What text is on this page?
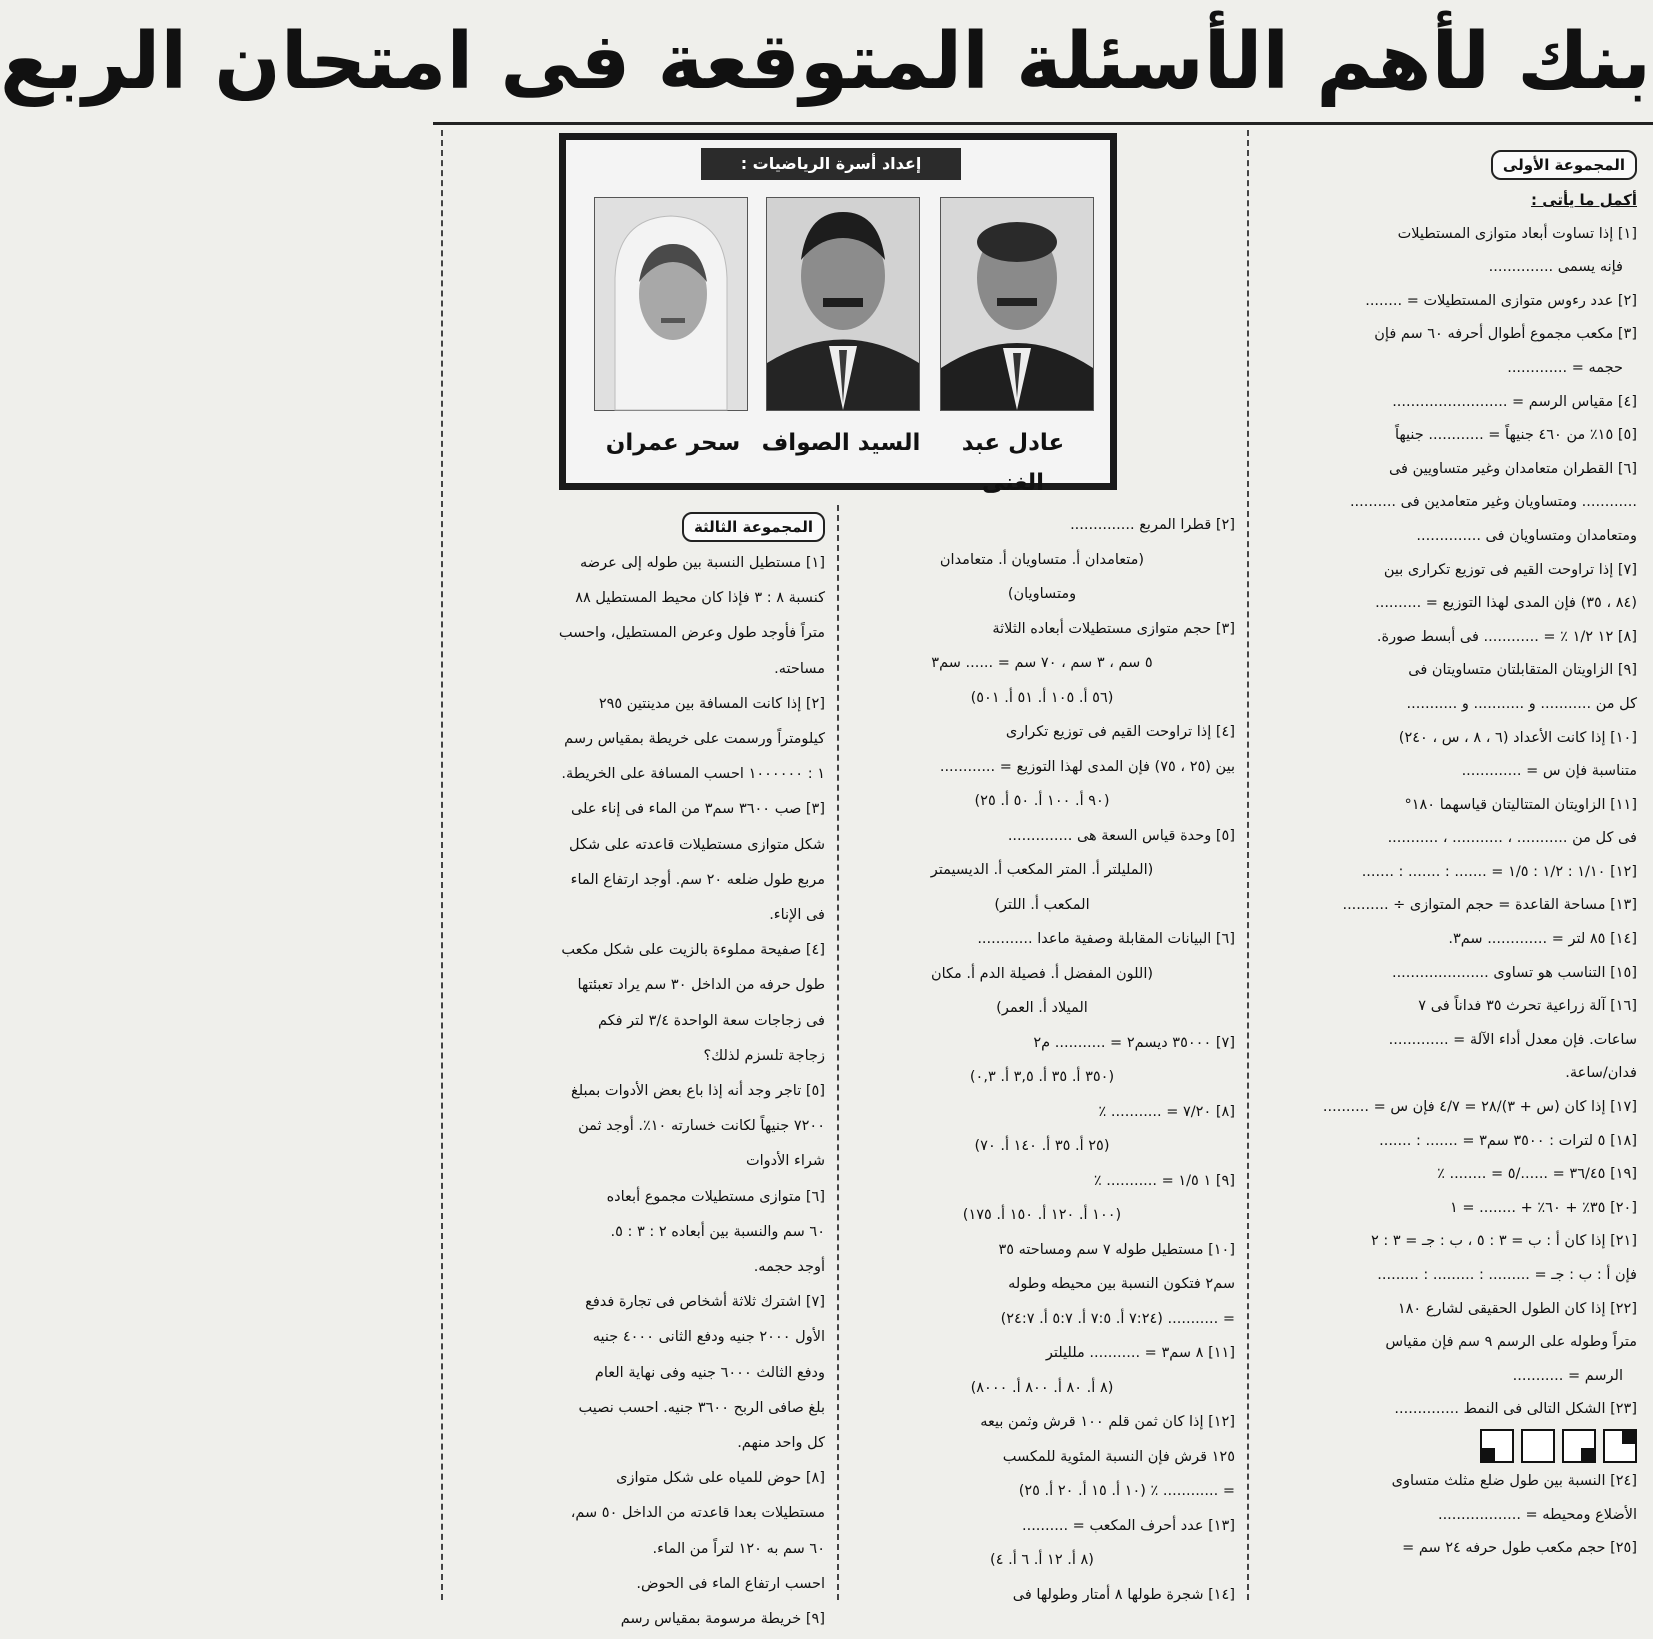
بنك لأهم الأسئلة المتوقعة فى امتحان الربع
إعداد أسرة الرياضيات :
عادل عبد الغنى
السيد الصواف
سحر عمران
المجموعة الأولى

أكمل ما يأتى :

[١] إذا تساوت أبعاد متوازى المستطيلات

فإنه يسمى ..............

[٢] عدد رءوس متوازى المستطيلات = ........

[٣] مكعب مجموع أطوال أحرفه ٦٠ سم فإن

حجمه = .............

[٤] مقياس الرسم = .........................

[٥] ١٥٪ من ٤٦٠ جنيهاً = ............ جنيهاً

[٦] القطران متعامدان وغير متساويين فى

............ ومتساويان وغير متعامدين فى ..........

ومتعامدان ومتساويان فى ..............

[٧] إذا تراوحت القيم فى توزيع تكرارى بين

(٨٤ ، ٣٥) فإن المدى لهذا التوزيع = ..........

[٨] ١٢ ١/٢ ٪ = ............ فى أبسط صورة.

[٩] الزاويتان المتقابلتان متساويتان فى

كل من ........... و ........... و ...........

[١٠] إذا كانت الأعداد (٦ ، ٨ ، س ، ٢٤٠)

متناسبة فإن س = .............

[١١] الزاويتان المتتاليتان قياسهما ١٨٠°

فى كل من ........... ، ........... ، ...........

[١٢] ١/١٠ : ١/٢ : ١/٥ = ....... : ....... : .......

[١٣] مساحة القاعدة = حجم المتوازى ÷ ..........

[١٤] ٨٥ لتر = ............. سم٣.

[١٥] التناسب هو تساوى .....................

[١٦] آلة زراعية تحرث ٣٥ فداناً فى ٧

ساعات. فإن معدل أداء الآلة = .............

فدان/ساعة.

[١٧] إذا كان (س + ٣)/٢٨ = ٤/٧ فإن س = ..........

[١٨] ٥ لترات : ٣٥٠٠ سم٣ = ....... : .......

[١٩] ٣٦/٤٥ = ....../٥ = ........ ٪

[٢٠] ٣٥٪ + ٦٠٪ + ........ = ١

[٢١] إذا كان أ : ب = ٣ : ٥ ، ب : جـ = ٣ : ٢

فإن أ : ب : جـ = ......... : ......... : .........

[٢٢] إذا كان الطول الحقيقى لشارع ١٨٠

متراً وطوله على الرسم ٩ سم فإن مقياس

الرسم = ...........

[٢٣] الشكل التالى فى النمط ..............

[٢٤] النسبة بين طول ضلع مثلث متساوى

الأضلاع ومحيطه = ..................

[٢٥] حجم مكعب طول حرفه ٢٤ سم =

[٢] قطرا المربع ..............

(متعامدان أ. متساويان أ. متعامدان

ومتساويان)

[٣] حجم متوازى مستطيلات أبعاده الثلاثة

٥ سم ، ٣ سم ، ٧٠ سم = ...... سم٣

(٥٦ أ. ١٠٥ أ. ٥١ أ. ٥٠١)

[٤] إذا تراوحت القيم فى توزيع تكرارى

بين (٢٥ ، ٧٥) فإن المدى لهذا التوزيع = ............

(٩٠ أ. ١٠٠ أ. ٥٠ أ. ٢٥)

[٥] وحدة قياس السعة هى ..............

(المليلتر أ. المتر المكعب أ. الديسيمتر

المكعب أ. اللتر)

[٦] البيانات المقابلة وصفية ماعدا ............

(اللون المفضل أ. فصيلة الدم أ. مكان

الميلاد أ. العمر)

[٧] ٣٥٠٠٠ ديسم٢ = ........... م٢

(٣٥٠ أ. ٣٥ أ. ٣,٥ أ. ٠,٣)

[٨] ٧/٢٠ = ........... ٪

(٢٥ أ. ٣٥ أ. ١٤٠ أ. ٧٠)

[٩] ١ ١/٥ = ........... ٪

(١٠٠ أ. ١٢٠ أ. ١٥٠ أ. ١٧٥)

[١٠] مستطيل طوله ٧ سم ومساحته ٣٥

سم٢ فتكون النسبة بين محيطه وطوله

= ........... (٧:٢٤ أ. ٧:٥ أ. ٥:٧ أ. ٢٤:٧)

[١١] ٨ سم٣ = ........... ملليلتر

(٨ أ. ٨٠ أ. ٨٠٠ أ. ٨٠٠٠)

[١٢] إذا كان ثمن قلم ١٠٠ قرش وثمن بيعه

١٢٥ قرش فإن النسبة المئوية للمكسب

= ............ ٪ (١٠ أ. ١٥ أ. ٢٠ أ. ٢٥)

[١٣] عدد أحرف المكعب = ..........

(٨ أ. ١٢ أ. ٦ أ. ٤)

[١٤] شجرة طولها ٨ أمتار وطولها فى

المجموعة الثالثة

[١] مستطيل النسبة بين طوله إلى عرضه

كنسبة ٨ : ٣ فإذا كان محيط المستطيل ٨٨

متراً فأوجد طول وعرض المستطيل، واحسب

مساحته.

[٢] إذا كانت المسافة بين مدينتين ٢٩٥

كيلومتراً ورسمت على خريطة بمقياس رسم

١ : ١٠٠٠٠٠٠ احسب المسافة على الخريطة.

[٣] صب ٣٦٠٠ سم٣ من الماء فى إناء على

شكل متوازى مستطيلات قاعدته على شكل

مربع طول ضلعه ٢٠ سم. أوجد ارتفاع الماء

فى الإناء.

[٤] صفيحة مملوءة بالزيت على شكل مكعب

طول حرفه من الداخل ٣٠ سم يراد تعبئتها

فى زجاجات سعة الواحدة ٣/٤ لتر فكم

زجاجة تلسزم لذلك؟

[٥] تاجر وجد أنه إذا باع بعض الأدوات بمبلغ

٧٢٠٠ جنيهاً لكانت خسارته ١٠٪. أوجد ثمن

شراء الأدوات

[٦] متوازى مستطيلات مجموع أبعاده

٦٠ سم والنسبة بين أبعاده ٢ : ٣ : ٥.

أوجد حجمه.

[٧] اشترك ثلاثة أشخاص فى تجارة فدفع

الأول ٢٠٠٠ جنيه ودفع الثانى ٤٠٠٠ جنيه

ودفع الثالث ٦٠٠٠ جنيه وفى نهاية العام

بلغ صافى الربح ٣٦٠٠ جنيه. احسب نصيب

كل واحد منهم.

[٨] حوض للمياه على شكل متوازى

مستطيلات بعدا قاعدته من الداخل ٥٠ سم،

٦٠ سم به ١٢٠ لتراً من الماء.

احسب ارتفاع الماء فى الحوض.

[٩] خريطة مرسومة بمقياس رسم
